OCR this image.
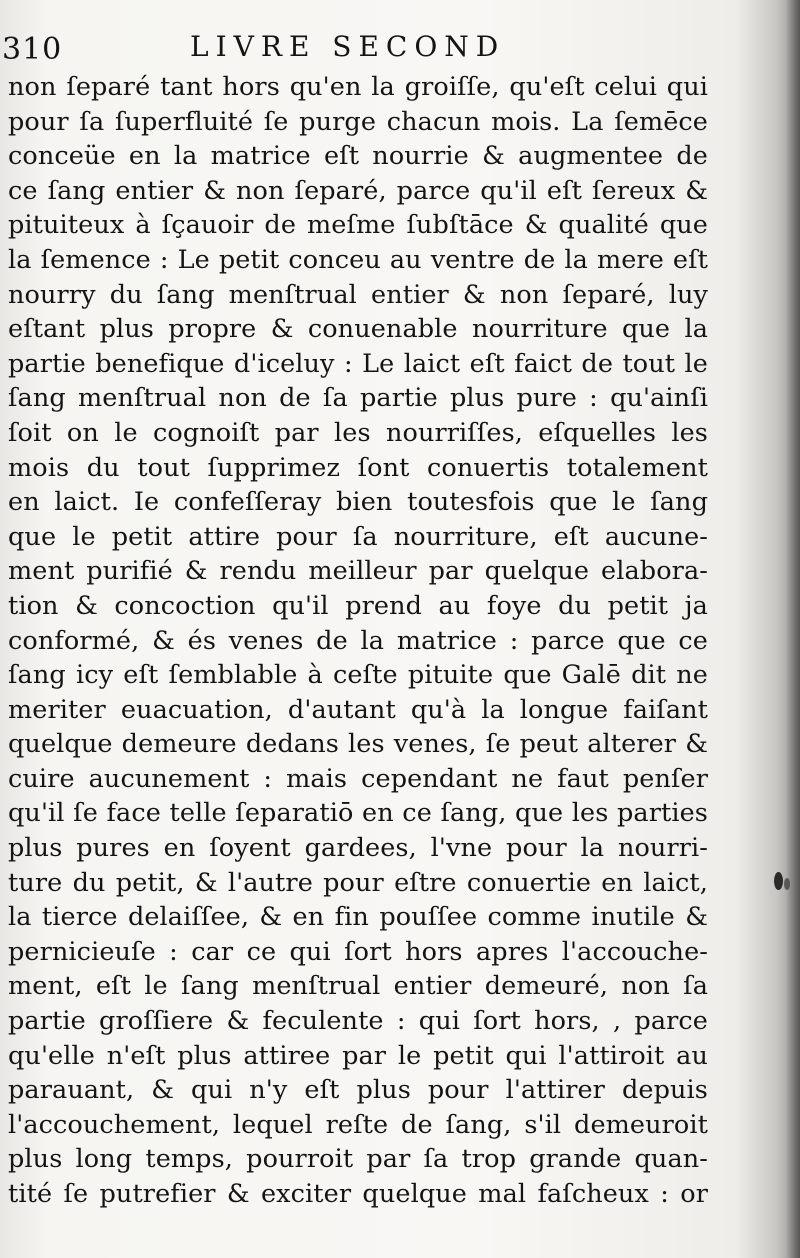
310	LIVRE SECOND
non ſeparé tant hors qu'en la groiſſe, qu'eſt celui qui
pour ſa ſuperfluité ſe purge chacun mois. La ſemēce
conceüe en la matrice eſt nourrie & augmentee de
ce ſang entier & non ſeparé, parce qu'il eſt ſereux &
pituiteux à ſçauoir de meſme ſubſtāce & qualité que
la ſemence : Le petit conceu au ventre de la mere eſt
nourry du ſang menſtrual entier & non ſeparé, luy
eſtant plus propre & conuenable nourriture que la
partie benefique d'iceluy : Le laict eſt faict de tout le
ſang menſtrual non de ſa partie plus pure : qu'ainſi
ſoit on le cognoiſt par les nourriſſes, eſquelles les
mois du tout ſupprimez ſont conuertis totalement
en laict. Ie confeſſeray bien toutesfois que le ſang
que le petit attire pour ſa nourriture, eſt aucune-
ment purifié & rendu meilleur par quelque elabora-
tion & concoction qu'il prend au foye du petit ja
conformé, & és venes de la matrice : parce que ce
ſang icy eſt ſemblable à ceſte pituite que Galē dit ne
meriter euacuation, d'autant qu'à la longue faiſant
quelque demeure dedans les venes, ſe peut alterer &
cuire aucunement : mais cependant ne faut penſer
qu'il ſe face telle ſeparatiō en ce ſang, que les parties
plus pures en ſoyent gardees, l'vne pour la nourri-
ture du petit, & l'autre pour eſtre conuertie en laict,
la tierce delaiſſee, & en fin pouſſee comme inutile &
pernicieuſe : car ce qui ſort hors apres l'accouche-
ment, eſt le ſang menſtrual entier demeuré, non ſa
partie groſſiere & feculente : qui ſort hors, , parce
qu'elle n'eſt plus attiree par le petit qui l'attiroit au
parauant, & qui n'y eſt plus pour l'attirer depuis
l'accouchement, lequel reſte de ſang, s'il demeuroit
plus long temps, pourroit par ſa trop grande quan-
tité ſe putrefier & exciter quelque mal faſcheux : or
